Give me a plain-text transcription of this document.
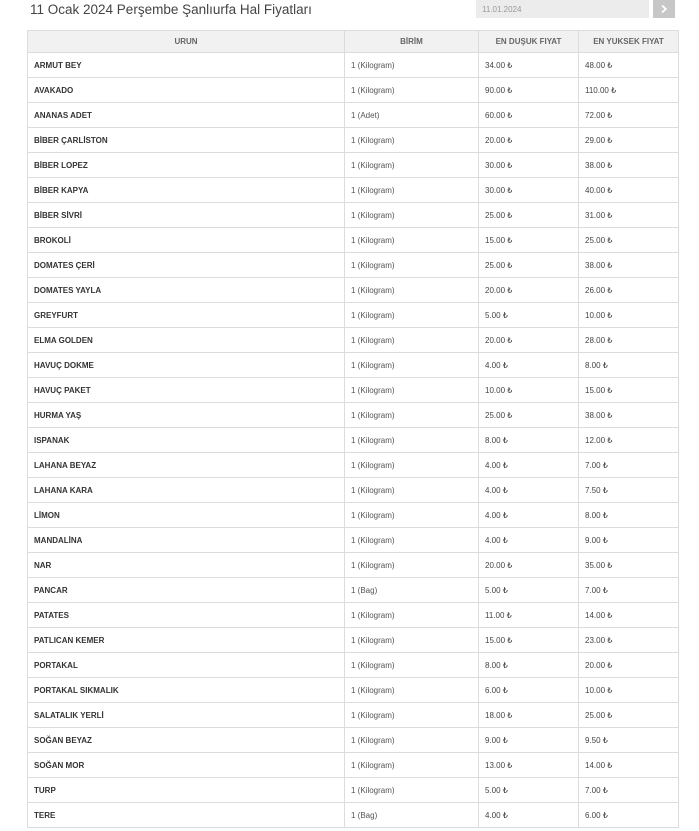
11 Ocak 2024 Perşembe Şanlıurfa Hal Fiyatları
11.01.2024
URUN	BİRİM	EN DUŞUK FIYAT	EN YUKSEK FIYAT
ARMUT BEY	1 (Kilogram)	34.00 ₺	48.00 ₺
AVAKADO	1 (Kilogram)	90.00 ₺	110.00 ₺
ANANAS ADET	1 (Adet)	60.00 ₺	72.00 ₺
BİBER ÇARLİSTON	1 (Kilogram)	20.00 ₺	29.00 ₺
BİBER LOPEZ	1 (Kilogram)	30.00 ₺	38.00 ₺
BİBER KAPYA	1 (Kilogram)	30.00 ₺	40.00 ₺
BİBER SİVRİ	1 (Kilogram)	25.00 ₺	31.00 ₺
BROKOLİ	1 (Kilogram)	15.00 ₺	25.00 ₺
DOMATES ÇERİ	1 (Kilogram)	25.00 ₺	38.00 ₺
DOMATES YAYLA	1 (Kilogram)	20.00 ₺	26.00 ₺
GREYFURT	1 (Kilogram)	5.00 ₺	10.00 ₺
ELMA GOLDEN	1 (Kilogram)	20.00 ₺	28.00 ₺
HAVUÇ DOKME	1 (Kilogram)	4.00 ₺	8.00 ₺
HAVUÇ PAKET	1 (Kilogram)	10.00 ₺	15.00 ₺
HURMA YAŞ	1 (Kilogram)	25.00 ₺	38.00 ₺
ISPANAK	1 (Kilogram)	8.00 ₺	12.00 ₺
LAHANA BEYAZ	1 (Kilogram)	4.00 ₺	7.00 ₺
LAHANA KARA	1 (Kilogram)	4.00 ₺	7.50 ₺
LİMON	1 (Kilogram)	4.00 ₺	8.00 ₺
MANDALİNA	1 (Kilogram)	4.00 ₺	9.00 ₺
NAR	1 (Kilogram)	20.00 ₺	35.00 ₺
PANCAR	1 (Bag)	5.00 ₺	7.00 ₺
PATATES	1 (Kilogram)	11.00 ₺	14.00 ₺
PATLICAN KEMER	1 (Kilogram)	15.00 ₺	23.00 ₺
PORTAKAL	1 (Kilogram)	8.00 ₺	20.00 ₺
PORTAKAL SIKMALIK	1 (Kilogram)	6.00 ₺	10.00 ₺
SALATALIK YERLİ	1 (Kilogram)	18.00 ₺	25.00 ₺
SOĞAN BEYAZ	1 (Kilogram)	9.00 ₺	9.50 ₺
SOĞAN MOR	1 (Kilogram)	13.00 ₺	14.00 ₺
TURP	1 (Kilogram)	5.00 ₺	7.00 ₺
TERE	1 (Bag)	4.00 ₺	6.00 ₺
